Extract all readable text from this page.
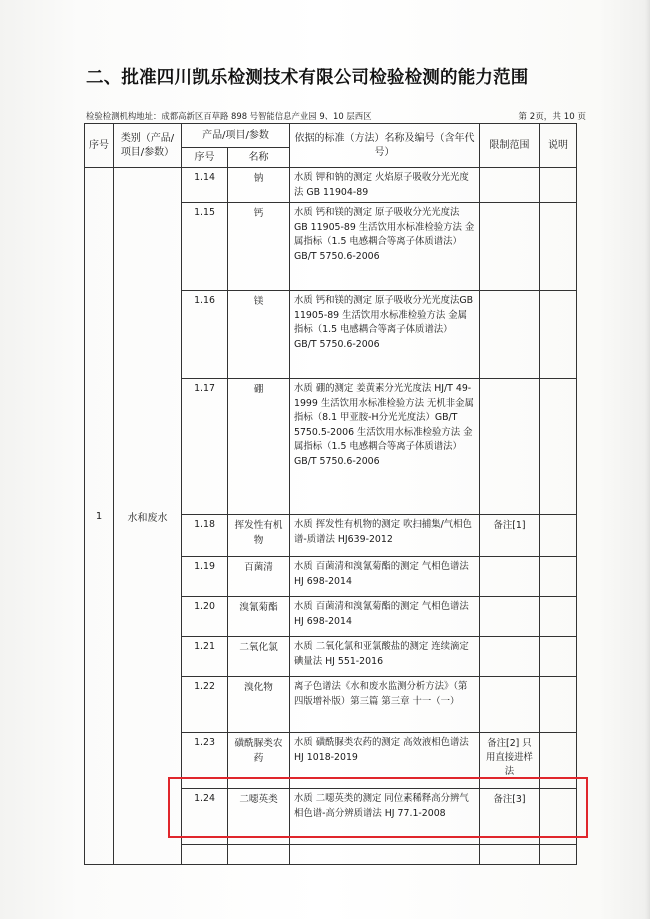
二、批准四川凯乐检测技术有限公司检验检测的能力范围
检验检测机构地址：成都高新区百草路 898 号智能信息产业园 9、10 层西区	第 2页，共 10 页
序号	类别（产品/项目/参数）	产品/项目/参数		依据的标准（方法）名称及编号（含年代号）	限制范围	说明
		序号	名称			
1	水和废水	1.14	钠	水质 钾和钠的测定 火焰原子吸收分光光度法 GB 11904-89		
		1.15	钙	水质 钙和镁的测定 原子吸收分光光度法 GB 11905-89 生活饮用水标准检验方法 金属指标（1.5 电感耦合等离子体质谱法）GB/T 5750.6-2006		
		1.16	镁	水质 钙和镁的测定 原子吸收分光光度法GB 11905-89 生活饮用水标准检验方法 金属指标（1.5 电感耦合等离子体质谱法）GB/T 5750.6-2006		
		1.17	硼	水质 硼的测定 姜黄素分光光度法 HJ/T 49-1999 生活饮用水标准检验方法 无机非金属指标（8.1 甲亚胺-H分光光度法）GB/T 5750.5-2006 生活饮用水标准检验方法 金属指标（1.5 电感耦合等离子体质谱法）GB/T 5750.6-2006		
		1.18	挥发性有机物	水质 挥发性有机物的测定 吹扫捕集/气相色谱-质谱法 HJ639-2012	备注[1]	
		1.19	百菌清	水质 百菌清和溴氰菊酯的测定 气相色谱法 HJ 698-2014		
		1.20	溴氰菊酯	水质 百菌清和溴氰菊酯的测定 气相色谱法 HJ 698-2014		
		1.21	二氧化氯	水质 二氧化氯和亚氯酸盐的测定 连续滴定碘量法 HJ 551-2016		
		1.22	溴化物	离子色谱法《水和废水监测分析方法》（第四版增补版）第三篇 第三章 十一（一）		
		1.23	磺酰脲类农药	水质 磺酰脲类农药的测定 高效液相色谱法 HJ 1018-2019	备注[2] 只用直接进样法	
		1.24	二噁英类	水质 二噁英类的测定 同位素稀释高分辨气相色谱-高分辨质谱法 HJ 77.1-2008	备注[3]	
